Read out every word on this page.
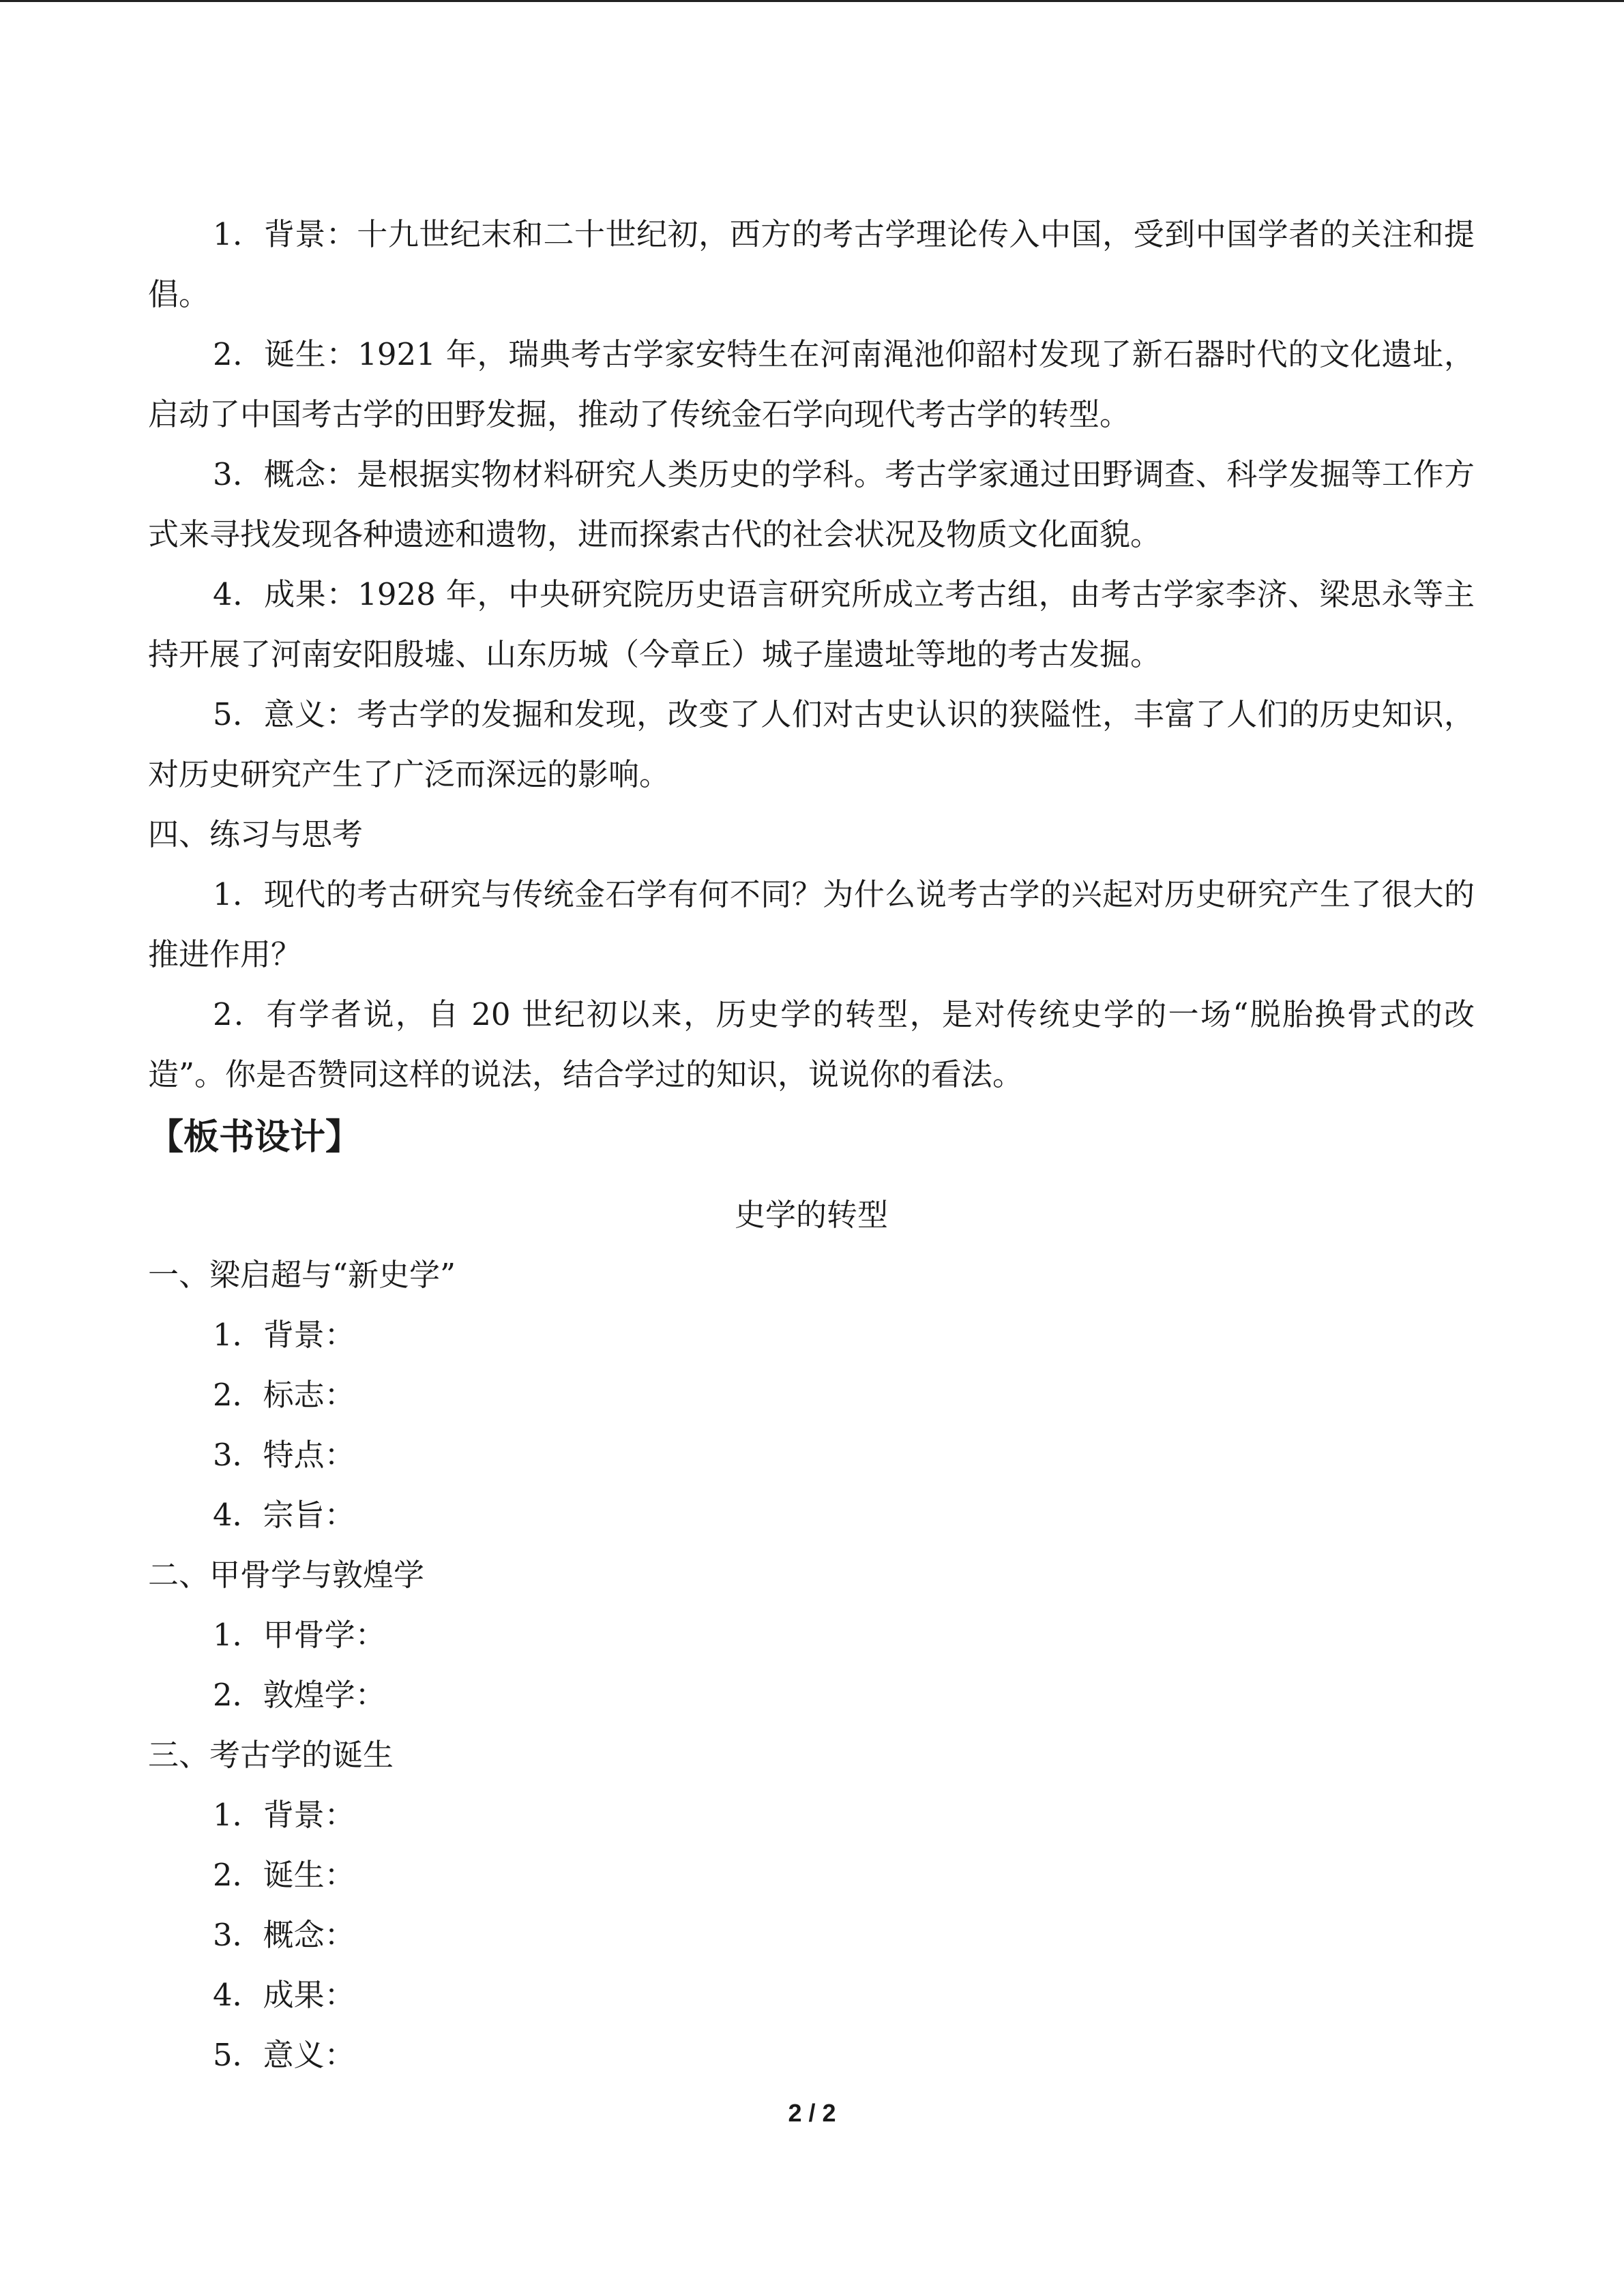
1．背景：十九世纪末和二十世纪初，西方的考古学理论传入中国，受到中国学者的关注和提倡。

2．诞生：1921 年，瑞典考古学家安特生在河南渑池仰韶村发现了新石器时代的文化遗址，启动了中国考古学的田野发掘，推动了传统金石学向现代考古学的转型。

3．概念：是根据实物材料研究人类历史的学科。考古学家通过田野调查、科学发掘等工作方式来寻找发现各种遗迹和遗物，进而探索古代的社会状况及物质文化面貌。

4．成果：1928 年，中央研究院历史语言研究所成立考古组，由考古学家李济、梁思永等主持开展了河南安阳殷墟、山东历城（今章丘）城子崖遗址等地的考古发掘。

5．意义：考古学的发掘和发现，改变了人们对古史认识的狭隘性，丰富了人们的历史知识，对历史研究产生了广泛而深远的影响。

四、练习与思考

1．现代的考古研究与传统金石学有何不同？为什么说考古学的兴起对历史研究产生了很大的推进作用？

2．有学者说，自 20 世纪初以来，历史学的转型，是对传统史学的一场“脱胎换骨式的改造”。你是否赞同这样的说法，结合学过的知识，说说你的看法。

【板书设计】

史学的转型

一、梁启超与“新史学”

1．背景：

2．标志：

3．特点：

4．宗旨：

二、甲骨学与敦煌学

1．甲骨学：

2．敦煌学：

三、考古学的诞生

1．背景：

2．诞生：

3．概念：

4．成果：

5．意义：

2 / 2
